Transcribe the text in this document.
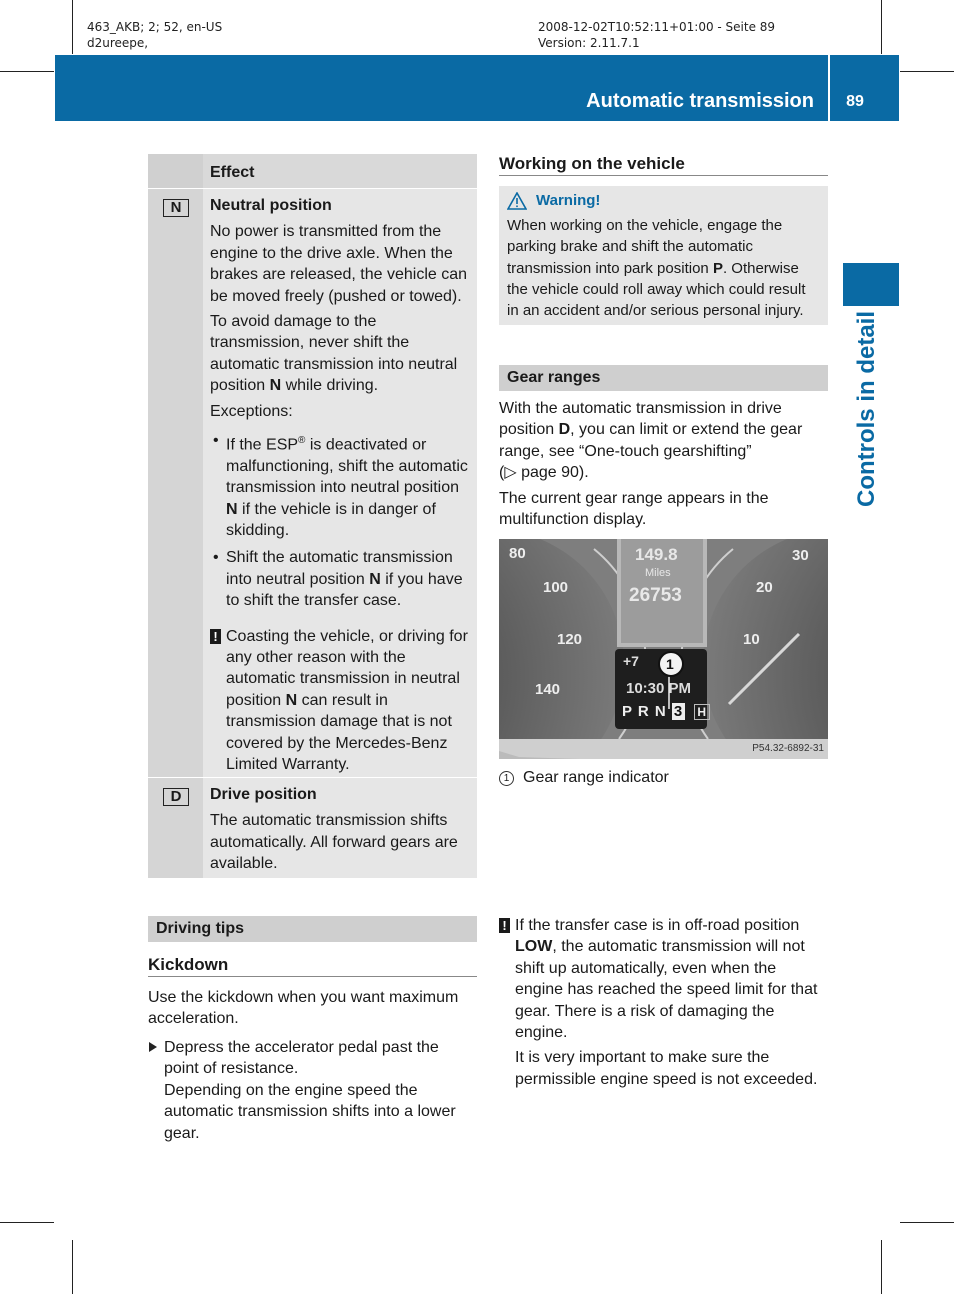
463_AKB; 2; 52, en-US
d2ureepe,
2008-12-02T10:52:11+01:00 - Seite 89
Version: 2.11.7.1
Automatic transmission	89
Controls in detail
Effect
N	Neutral position

No power is transmitted from the engine to the drive axle. When the brakes are released, the vehicle can be moved freely (pushed or towed).

To avoid damage to the transmission, never shift the automatic transmission into neutral position N while driving.

Exceptions:

• If the ESP® is deactivated or malfunctioning, shift the automatic transmission into neutral position N if the vehicle is in danger of skidding.
• Shift the automatic transmission into neutral position N if you have to shift the transfer case.
! Coasting the vehicle, or driving for any other reason with the automatic transmission in neutral position N can result in transmission damage that is not covered by the Mercedes-Benz Limited Warranty.
D	Drive position

The automatic transmission shifts automatically. All forward gears are available.

Driving tips
Kickdown

Use the kickdown when you want maximum acceleration.

Depress the accelerator pedal past the point of resistance.
Depending on the engine speed the automatic transmission shifts into a lower gear.
Working on the vehicle
Warning!
When working on the vehicle, engage the parking brake and shift the automatic transmission into park position P. Otherwise the vehicle could roll away which could result in an accident and/or serious personal injury.
Gear ranges

With the automatic transmission in drive position D, you can limit or extend the gear range, see “One-touch gearshifting”
(▷ page 90).

The current gear range appears in the multifunction display.

80
100
120
140
30
20
10
149.8
Miles
26753
+7 1
10:30 PM
P R N 3 H
P54.32-6892-31
1 Gear range indicator
! If the transfer case is in off-road position LOW, the automatic transmission will not shift up automatically, even when the engine has reached the speed limit for that gear. There is a risk of damaging the engine.
It is very important to make sure the permissible engine speed is not exceeded.
